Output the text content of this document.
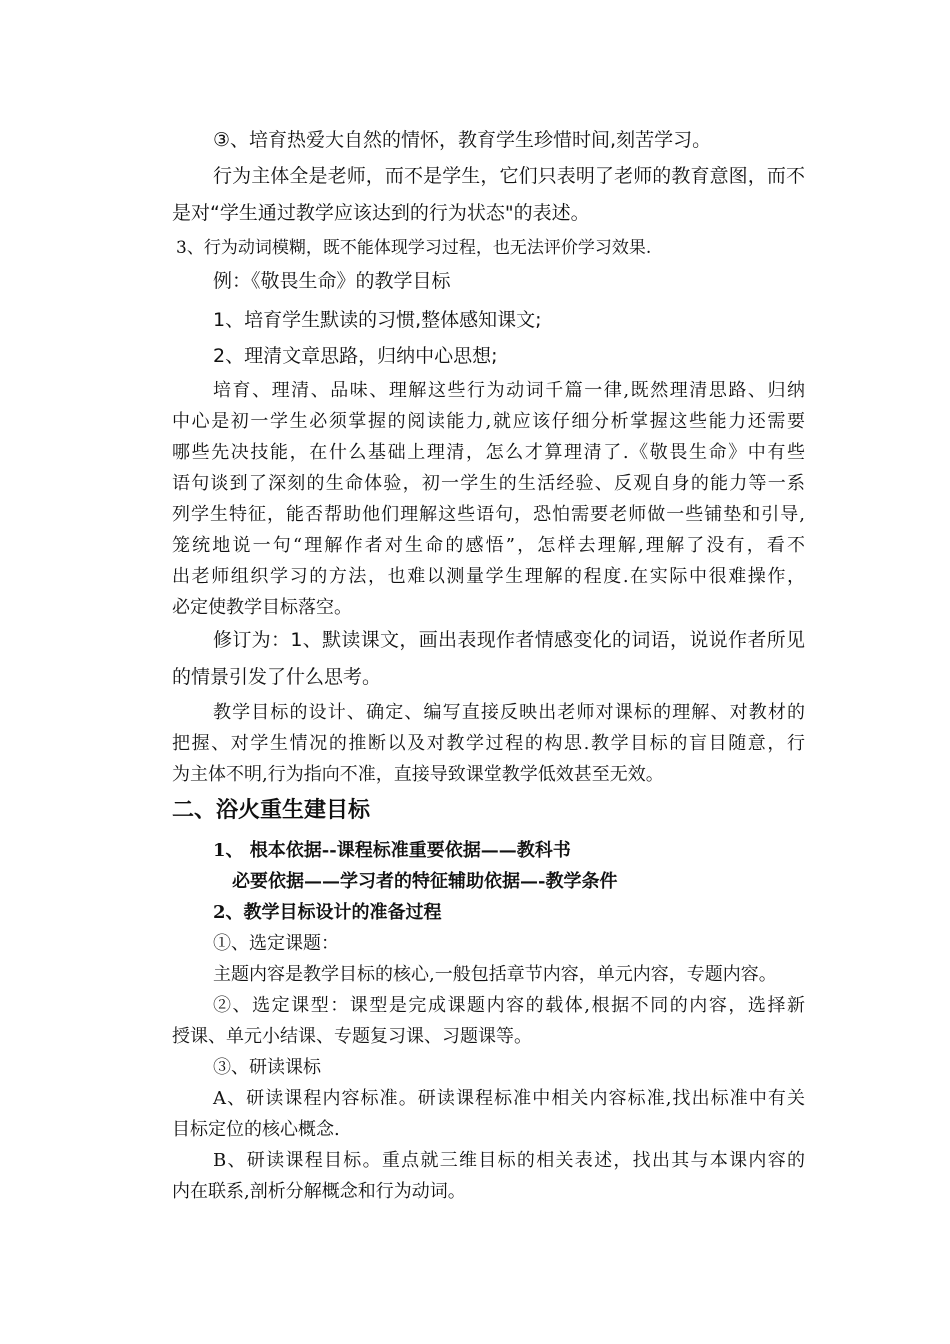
③、培育热爱大自然的情怀，教育学生珍惜时间,刻苦学习。
行为主体全是老师，而不是学生，它们只表明了老师的教育意图，而不
是对“学生通过教学应该达到的行为状态"的表述。
3、行为动词模糊，既不能体现学习过程，也无法评价学习效果.
例：《敬畏生命》的教学目标
1、培育学生默读的习惯,整体感知课文;
2、理清文章思路，归纳中心思想;
培育、理清、品味、理解这些行为动词千篇一律,既然理清思路、归纳
中心是初一学生必须掌握的阅读能力,就应该仔细分析掌握这些能力还需要
哪些先决技能，在什么基础上理清，怎么才算理清了.《敬畏生命》中有些
语句谈到了深刻的生命体验，初一学生的生活经验、反观自身的能力等一系
列学生特征，能否帮助他们理解这些语句，恐怕需要老师做一些铺垫和引导,
笼统地说一句“理解作者对生命的感悟”，怎样去理解,理解了没有，看不
出老师组织学习的方法，也难以测量学生理解的程度.在实际中很难操作，
必定使教学目标落空。
修订为：1、默读课文，画出表现作者情感变化的词语，说说作者所见
的情景引发了什么思考。
教学目标的设计、确定、编写直接反映出老师对课标的理解、对教材的
把握、对学生情况的推断以及对教学过程的构思.教学目标的盲目随意，行
为主体不明,行为指向不准，直接导致课堂教学低效甚至无效。
二、浴火重生建目标
1、 根本依据--课程标准重要依据——教科书
必要依据——学习者的特征辅助依据—-教学条件
2、教学目标设计的准备过程
①、选定课题：
主题内容是教学目标的核心,一般包括章节内容，单元内容，专题内容。
②、选定课型：课型是完成课题内容的载体,根据不同的内容，选择新
授课、单元小结课、专题复习课、习题课等。
③、研读课标
A、研读课程内容标准。研读课程标准中相关内容标准,找出标准中有关
目标定位的核心概念.
B、研读课程目标。重点就三维目标的相关表述，找出其与本课内容的
内在联系,剖析分解概念和行为动词。
